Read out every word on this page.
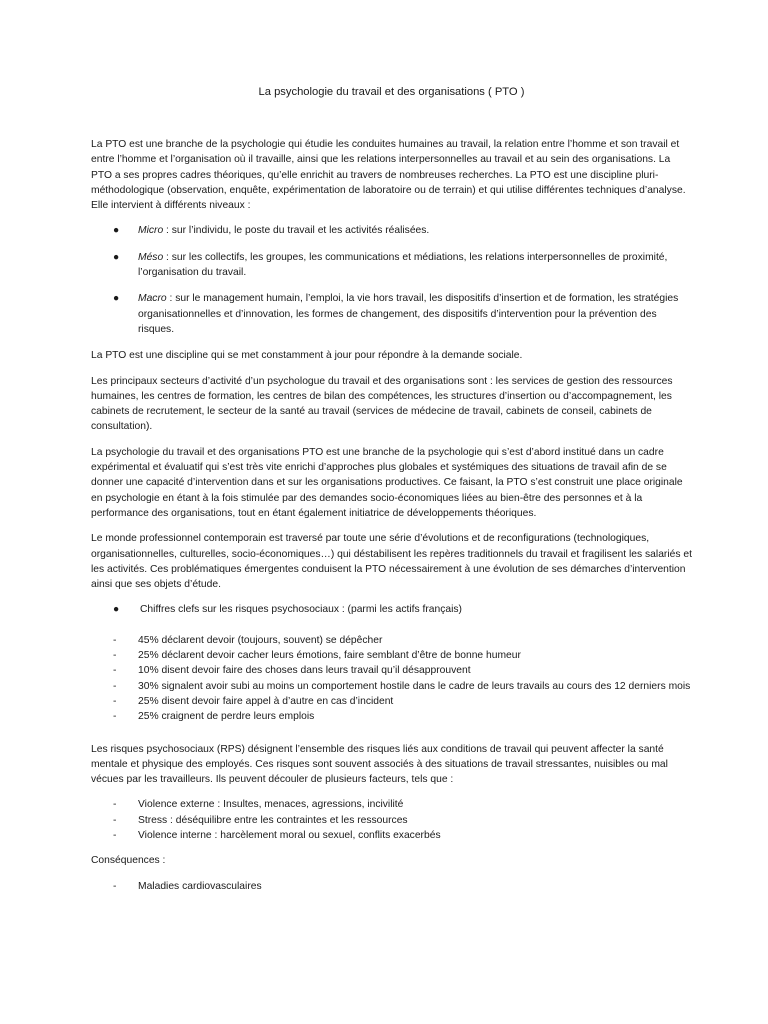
La psychologie du travail et des organisations ( PTO )

La PTO est une branche de la psychologie qui étudie les conduites humaines au travail, la relation entre l’homme et son travail et entre l’homme et l’organisation où il travaille, ainsi que les relations interpersonnelles au travail et au sein des organisations. La PTO a ses propres cadres théoriques, qu’elle enrichit au travers de nombreuses recherches. La PTO est une discipline pluri-méthodologique (observation, enquête, expérimentation de laboratoire ou de terrain) et qui utilise différentes techniques d’analyse. Elle intervient à différents niveaux :

● Micro : sur l’individu, le poste du travail et les activités réalisées.
● Méso : sur les collectifs, les groupes, les communications et médiations, les relations interpersonnelles de proximité, l’organisation du travail.
● Macro : sur le management humain, l’emploi, la vie hors travail, les dispositifs d’insertion et de formation, les stratégies organisationnelles et d’innovation, les formes de changement, des dispositifs d’intervention pour la prévention des risques.

La PTO est une discipline qui se met constamment à jour pour répondre à la demande sociale.

Les principaux secteurs d’activité d’un psychologue du travail et des organisations sont : les services de gestion des ressources humaines, les centres de formation, les centres de bilan des compétences, les structures d’insertion ou d’accompagnement, les cabinets de recrutement, le secteur de la santé au travail (services de médecine de travail, cabinets de conseil, cabinets de consultation).

La psychologie du travail et des organisations PTO est une branche de la psychologie qui s’est d’abord institué dans un cadre expérimental et évaluatif qui s’est très vite enrichi d’approches plus globales et systémiques des situations de travail afin de se donner une capacité d’intervention dans et sur les organisations productives. Ce faisant, la PTO s’est construit une place originale en psychologie en étant à la fois stimulée par des demandes socio-économiques liées au bien-être des personnes et à la performance des organisations, tout en étant également initiatrice de développements théoriques.

Le monde professionnel contemporain est traversé par toute une série d’évolutions et de reconfigurations (technologiques, organisationnelles, culturelles, socio-économiques…) qui déstabilisent les repères traditionnels du travail et fragilisent les salariés et les activités. Ces problématiques émergentes conduisent la PTO nécessairement à une évolution de ses démarches d’intervention ainsi que ses objets d’étude.

● Chiffres clefs sur les risques psychosociaux : (parmi les actifs français)
- 45% déclarent devoir (toujours, souvent) se dépêcher
- 25% déclarent devoir cacher leurs émotions, faire semblant d’être de bonne humeur
- 10% disent devoir faire des choses dans leurs travail qu’il désapprouvent
- 30% signalent avoir subi au moins un comportement hostile dans le cadre de leurs travails au cours des 12 derniers mois
- 25% disent devoir faire appel à d’autre en cas d’incident
- 25% craignent de perdre leurs emplois

Les risques psychosociaux (RPS) désignent l’ensemble des risques liés aux conditions de travail qui peuvent affecter la santé mentale et physique des employés. Ces risques sont souvent associés à des situations de travail stressantes, nuisibles ou mal vécues par les travailleurs. Ils peuvent découler de plusieurs facteurs, tels que :

- Violence externe : Insultes, menaces, agressions, incivilité
- Stress : déséquilibre entre les contraintes et les ressources
- Violence interne : harcèlement moral ou sexuel, conflits exacerbés

Conséquences :

- Maladies cardiovasculaires
